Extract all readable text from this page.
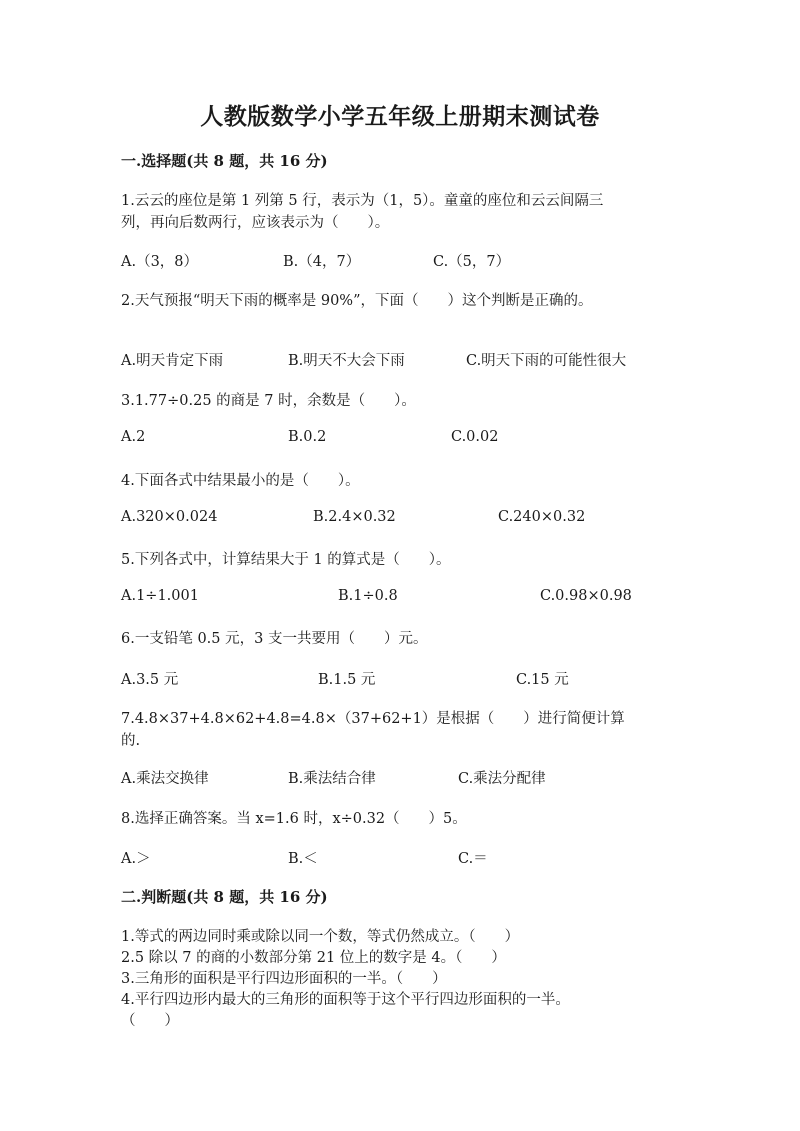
人教版数学小学五年级上册期末测试卷
一.选择题(共 8 题，共 16 分)
1.云云的座位是第 1 列第 5 行，表示为（1，5）。童童的座位和云云间隔三
列，再向后数两行，应该表示为（　　）。
A.（3，8）	B.（4，7）	C.（5，7）
2.天气预报“明天下雨的概率是 90%”，下面（　　）这个判断是正确的。
A.明天肯定下雨	B.明天不大会下雨	C.明天下雨的可能性很大
3.1.77÷0.25 的商是 7 时，余数是（　　）。
A.2	B.0.2	C.0.02
4.下面各式中结果最小的是（　　）。
A.320×0.024	B.2.4×0.32	C.240×0.32
5.下列各式中，计算结果大于 1 的算式是（　　）。
A.1÷1.001	B.1÷0.8	C.0.98×0.98
6.一支铅笔 0.5 元，3 支一共要用（　　）元。
A.3.5 元	B.1.5 元	C.15 元
7.4.8×37+4.8×62+4.8=4.8×（37+62+1）是根据（　　）进行简便计算
的.
A.乘法交换律	B.乘法结合律	C.乘法分配律
8.选择正确答案。当 x=1.6 时，x÷0.32（　　）5。
A.＞	B.＜	C.＝
二.判断题(共 8 题，共 16 分)
1.等式的两边同时乘或除以同一个数，等式仍然成立。（　　）
2.5 除以 7 的商的小数部分第 21 位上的数字是 4。（　　）
3.三角形的面积是平行四边形面积的一半。（　　）
4.平行四边形内最大的三角形的面积等于这个平行四边形面积的一半。
（　　）
